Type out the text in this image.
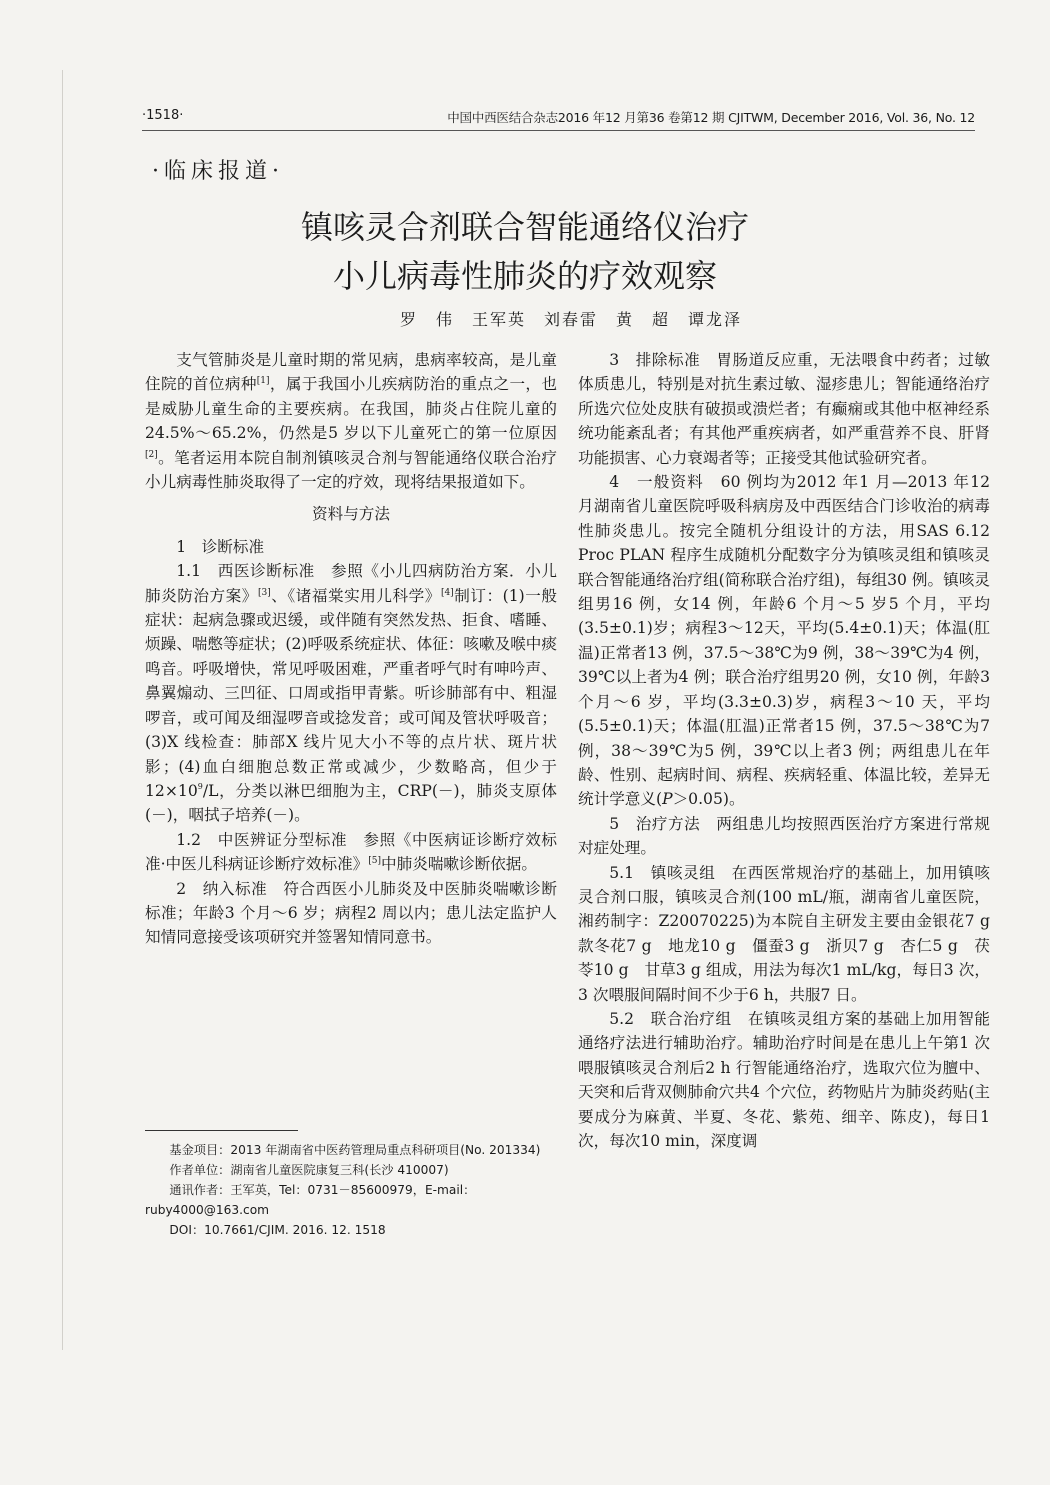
·1518·	中国中西医结合杂志2016 年12 月第36 卷第12 期 CJITWM, December 2016, Vol. 36, No. 12
·临床报道·
镇咳灵合剂联合智能通络仪治疗
小儿病毒性肺炎的疗效观察
罗　伟　王军英　刘春雷　黄　超　谭龙泽

支气管肺炎是儿童时期的常见病，患病率较高，是儿童住院的首位病种[1]，属于我国小儿疾病防治的重点之一，也是威胁儿童生命的主要疾病。在我国，肺炎占住院儿童的24.5%～65.2%，仍然是5 岁以下儿童死亡的第一位原因[2]。笔者运用本院自制剂镇咳灵合剂与智能通络仪联合治疗小儿病毒性肺炎取得了一定的疗效，现将结果报道如下。

资料与方法

1　诊断标准

1.1　西医诊断标准　参照《小儿四病防治方案．小儿肺炎防治方案》[3]、《诸福棠实用儿科学》[4]制订：(1)一般症状：起病急骤或迟缓，或伴随有突然发热、拒食、嗜睡、烦躁、喘憋等症状；(2)呼吸系统症状、体征：咳嗽及喉中痰鸣音。呼吸增快，常见呼吸困难，严重者呼气时有呻吟声、鼻翼煽动、三凹征、口周或指甲青紫。听诊肺部有中、粗湿啰音，或可闻及细湿啰音或捻发音；或可闻及管状呼吸音；(3)X 线检查：肺部X 线片见大小不等的点片状、斑片状影；(4)血白细胞总数正常或减少，少数略高，但少于$12\times 10^9/L$，分类以淋巴细胞为主，CRP(－)，肺炎支原体(－)，咽拭子培养(－)。

1.2　中医辨证分型标准　参照《中医病证诊断疗效标准·中医儿科病证诊断疗效标准》[5]中肺炎喘嗽诊断依据。

2　纳入标准　符合西医小儿肺炎及中医肺炎喘嗽诊断标准；年龄3 个月～6 岁；病程2 周以内；患儿法定监护人知情同意接受该项研究并签署知情同意书。

基金项目：2013 年湖南省中医药管理局重点科研项目(No. 201334)
作者单位：湖南省儿童医院康复三科(长沙 410007)
通讯作者：王军英，Tel：0731－85600979，E-mail：ruby4000@163.com
DOI：10.7661/CJIM. 2016. 12. 1518

3　排除标准　胃肠道反应重，无法喂食中药者；过敏体质患儿，特别是对抗生素过敏、湿疹患儿；智能通络治疗所选穴位处皮肤有破损或溃烂者；有癫痫或其他中枢神经系统功能紊乱者；有其他严重疾病者，如严重营养不良、肝肾功能损害、心力衰竭者等；正接受其他试验研究者。

4　一般资料　60 例均为2012 年1 月—2013 年12 月湖南省儿童医院呼吸科病房及中西医结合门诊收治的病毒性肺炎患儿。按完全随机分组设计的方法，用SAS 6.12 Proc PLAN 程序生成随机分配数字分为镇咳灵组和镇咳灵联合智能通络治疗组(简称联合治疗组)，每组30 例。镇咳灵组男16 例，女14 例，年龄6 个月～5 岁5 个月，平均(3.5±0.1)岁；病程3～12天，平均(5.4±0.1)天；体温(肛温)正常者13 例，37.5～38℃为9 例，38～39℃为4 例，39℃以上者为4 例；联合治疗组男20 例，女10 例，年龄3 个月～6 岁，平均(3.3±0.3)岁，病程3～10 天，平均(5.5±0.1)天；体温(肛温)正常者15 例，37.5～38℃为7 例，38～39℃为5 例，39℃以上者3 例；两组患儿在年龄、性别、起病时间、病程、疾病轻重、体温比较，差异无统计学意义(P＞0.05)。

5　治疗方法　两组患儿均按照西医治疗方案进行常规对症处理。

5.1　镇咳灵组　在西医常规治疗的基础上，加用镇咳灵合剂口服，镇咳灵合剂(100 mL/瓶，湖南省儿童医院，湘药制字：Z20070225)为本院自主研发主要由金银花7 g　款冬花7 g　地龙10 g　僵蚕3 g　浙贝7 g　杏仁5 g　茯苓10 g　甘草3 g 组成，用法为每次1 mL/kg，每日3 次，3 次喂服间隔时间不少于6 h，共服7 日。

5.2　联合治疗组　在镇咳灵组方案的基础上加用智能通络疗法进行辅助治疗。辅助治疗时间是在患儿上午第1 次喂服镇咳灵合剂后2 h 行智能通络治疗，选取穴位为膻中、天突和后背双侧肺俞穴共4 个穴位，药物贴片为肺炎药贴(主要成分为麻黄、半夏、冬花、紫苑、细辛、陈皮)，每日1 次，每次10 min，深度调
